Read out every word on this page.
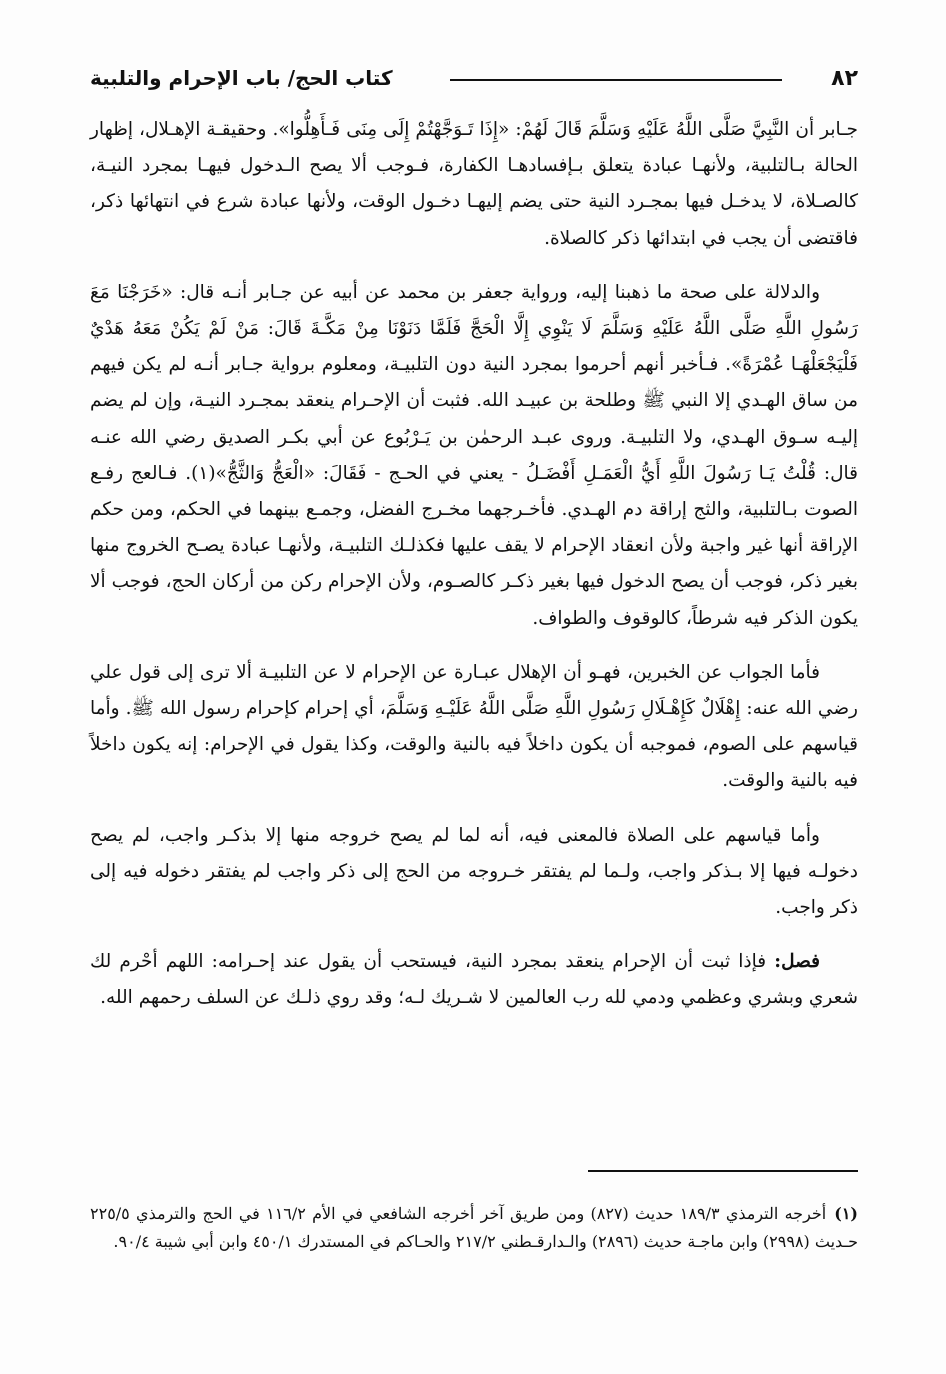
٨٢
كتاب الحج/ باب الإحرام والتلبية

جـابر أن النَّبِيَّ صَلَّى اللَّهُ عَلَيْهِ وَسَلَّمَ قَالَ لَهُمْ: «إِذَا تَـوَجَّهْتُمْ إِلَى مِنَى فَـأَهِلُّوا». وحقيقـة الإهـلال، إظهار الحالة بـالتلبية، ولأنهـا عبادة يتعلق بـإفسادهـا الكفارة، فـوجب ألا يصح الـدخول فيهـا بمجرد النيـة، كالصـلاة، لا يدخـل فيها بمجـرد النية حتى يضم إليهـا دخـول الوقت، ولأنها عبادة شرع في انتهائها ذكر، فاقتضى أن يجب في ابتدائها ذكر كالصلاة.

والدلالة على صحة ما ذهبنا إليه، ورواية جعفر بن محمد عن أبيه عن جـابر أنـه قال: «خَرَجْنَا مَعَ رَسُولِ اللَّهِ صَلَّى اللَّهُ عَلَيْهِ وَسَلَّمَ لَا يَنْوِي إِلَّا الْحَجَّ فَلَمَّا دَنَوْنَا مِنْ مَكَّـةَ قَالَ: مَنْ لَمْ يَكُنْ مَعَهُ هَدْيٌ فَلْيَجْعَلْهَـا عُمْرَةً». فـأخبر أنهم أحرموا بمجرد النية دون التلبيـة، ومعلوم برواية جـابر أنـه لم يكن فيهم من ساق الهـدي إلا النبي ﷺ وطلحة بن عبيـد الله. فثبت أن الإحـرام ينعقد بمجـرد النيـة، وإن لم يضم إليـه سـوق الهـدي، ولا التلبيـة. وروى عبـد الرحمٰن بن يَـرْبُوع عن أبي بكـر الصديق رضي الله عنـه قال: قُلْتُ يَـا رَسُولَ اللَّهِ أَيُّ الْعَمَـلِ أَفْضَـلُ - يعني في الحـج - فَقَالَ: «الْعَجُّ وَالثَّجُّ»(١). فـالعج رفـع الصوت بـالتلبية، والثج إراقة دم الهـدي. فأخـرجهما مخـرج الفضل، وجمـع بينهما في الحكم، ومن حكم الإراقة أنها غير واجبة ولأن انعقاد الإحرام لا يقف عليها فكذلـك التلبيـة، ولأنهـا عبادة يصـح الخروج منها بغير ذكر، فوجب أن يصح الدخول فيها بغير ذكـر كالصـوم، ولأن الإحرام ركن من أركان الحج، فوجب ألا يكون الذكر فيه شرطاً، كالوقوف والطواف.

فأما الجواب عن الخبرين، فهـو أن الإهلال عبـارة عن الإحرام لا عن التلبيـة ألا ترى إلى قول علي رضي الله عنه: إِهْلَالٌ كَإِهْـلَالِ رَسُولِ اللَّهِ صَلَّى اللَّهُ عَلَيْـهِ وَسَلَّمَ، أي إحرام كإحرام رسول الله ﷺ. وأما قياسهم على الصوم، فموجبه أن يكون داخلاً فيه بالنية والوقت، وكذا يقول في الإحرام: إنه يكون داخلاً فيه بالنية والوقت.

وأما قياسهم على الصلاة فالمعنى فيه، أنه لما لم يصح خروجه منها إلا بذكـر واجب، لم يصح دخولـه فيها إلا بـذكر واجب، ولـما لم يفتقر خـروجه من الحج إلى ذكر واجب لم يفتقر دخوله فيه إلى ذكر واجب.

فصل: فإذا ثبت أن الإحرام ينعقد بمجرد النية، فيستحب أن يقول عند إحـرامه: اللهم أحْرم لك شعري وبشري وعظمي ودمي لله رب العالمين لا شـريك لـه؛ وقد روي ذلـك عن السلف رحمهم الله.

(١)أخرجه الترمذي ١٨٩/٣ حديث (٨٢٧) ومن طريق آخر أخرجه الشافعي في الأم ١١٦/٢ في الحج والترمذي ٢٢٥/٥ حـديث (٢٩٩٨) وابن ماجـة حديث (٢٨٩٦) والـدارقـطني ٢١٧/٢ والحـاكم في المستدرك ٤٥٠/١ وابن أبي شيبة ٩٠/٤.
